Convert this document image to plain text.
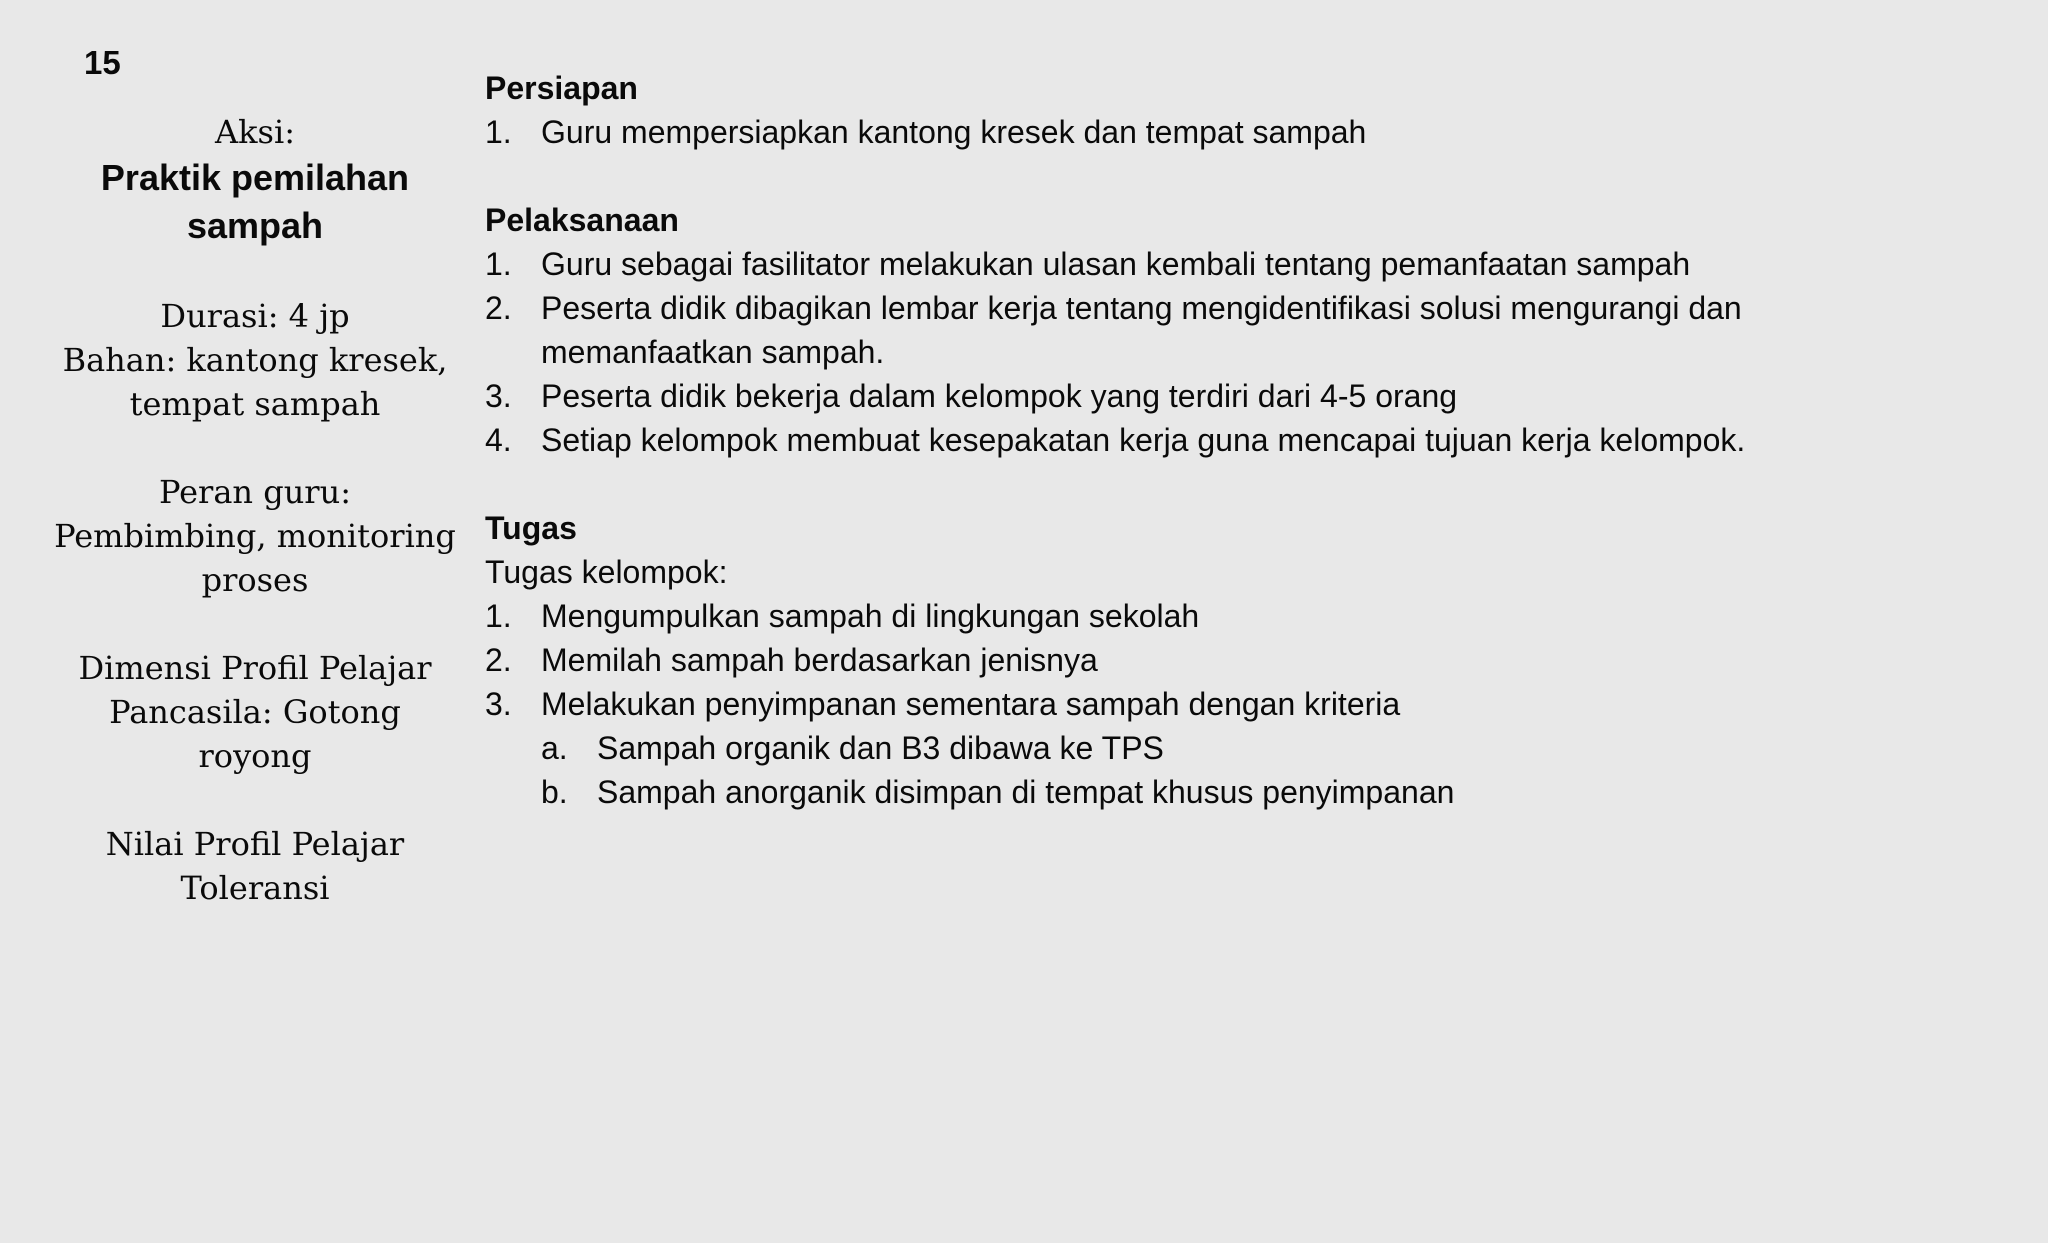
15
Aksi:
Praktik pemilahan
sampah
Durasi: 4 jp
Bahan: kantong kresek,
tempat sampah
Peran guru:
Pembimbing, monitoring
proses
Dimensi Profil Pelajar
Pancasila: Gotong royong
Nilai Profil Pelajar
Toleransi
Persiapan
1. Guru mempersiapkan kantong kresek dan tempat sampah
Pelaksanaan
1. Guru sebagai fasilitator melakukan ulasan kembali tentang pemanfaatan sampah
2. Peserta didik dibagikan lembar kerja tentang mengidentifikasi solusi mengurangi dan memanfaatkan sampah.
3. Peserta didik bekerja dalam kelompok yang terdiri dari 4-5 orang
4. Setiap kelompok membuat kesepakatan kerja guna mencapai tujuan kerja kelompok.
Tugas

Tugas kelompok:

1. Mengumpulkan sampah di lingkungan sekolah
2. Memilah sampah berdasarkan jenisnya
3. Melakukan penyimpanan sementara sampah dengan kriteria
a. Sampah organik dan B3 dibawa ke TPS
b. Sampah anorganik disimpan di tempat khusus penyimpanan
